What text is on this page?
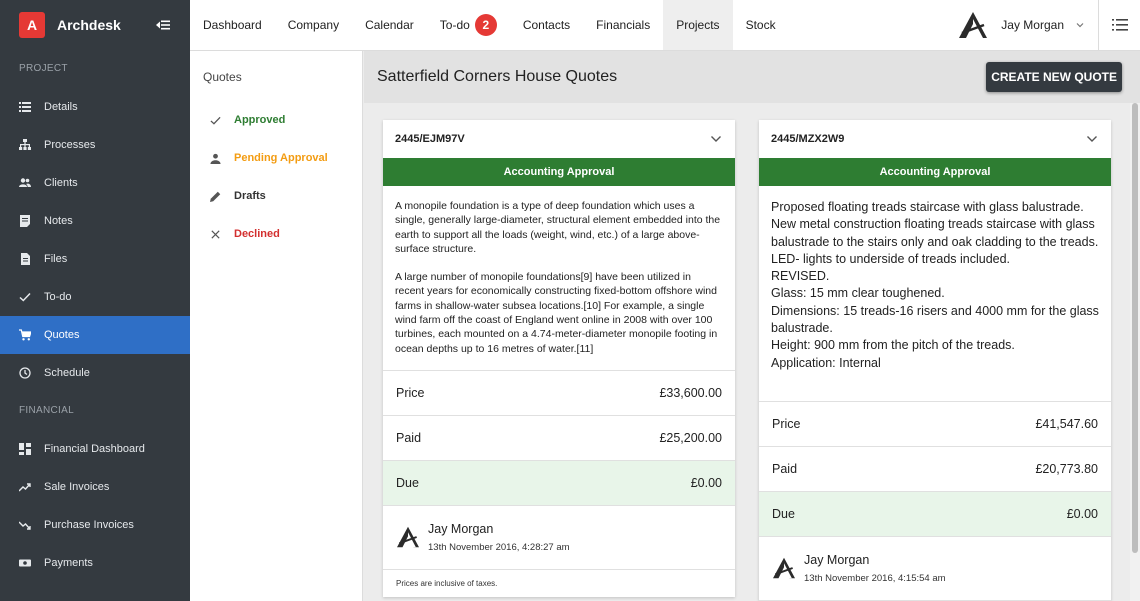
A	Archdesk
PROJECT
Details
Processes
Clients
Notes
Files
To-do
Quotes
Schedule
FINANCIAL
Financial Dashboard
Sale Invoices
Purchase Invoices
Payments
Dashboard	Company	Calendar	To-do	2	Contacts	Financials	Projects	Stock	Jay Morgan
Quotes
Approved
Pending Approval
Drafts
Declined
Satterfield Corners House Quotes	CREATE NEW QUOTE
2445/EJM97V
Accounting Approval

A monopile foundation is a type of deep foundation which uses a single, generally large-diameter, structural element embedded into the earth to support all the loads (weight, wind, etc.) of a large above-surface structure.

A large number of monopile foundations[9] have been utilized in recent years for economically constructing fixed-bottom offshore wind farms in shallow-water subsea locations.[10] For example, a single wind farm off the coast of England went online in 2008 with over 100 turbines, each mounted on a 4.74-meter-diameter monopile footing in ocean depths up to 16 metres of water.[11]

Price	£33,600.00
Paid	£25,200.00
Due	£0.00
Jay Morgan
13th November 2016, 4:28:27 am
Prices are inclusive of taxes.
2445/MZX2W9
Accounting Approval
Proposed floating treads staircase with glass balustrade.
New metal construction floating treads staircase with glass balustrade to the stairs only and oak cladding to the treads. LED- lights to underside of treads included.
REVISED.
Glass: 15 mm clear toughened.
Dimensions: 15 treads-16 risers and 4000 mm for the glass balustrade.
Height: 900 mm from the pitch of the treads.
Application: Internal
Price	£41,547.60
Paid	£20,773.80
Due	£0.00
Jay Morgan
13th November 2016, 4:15:54 am
